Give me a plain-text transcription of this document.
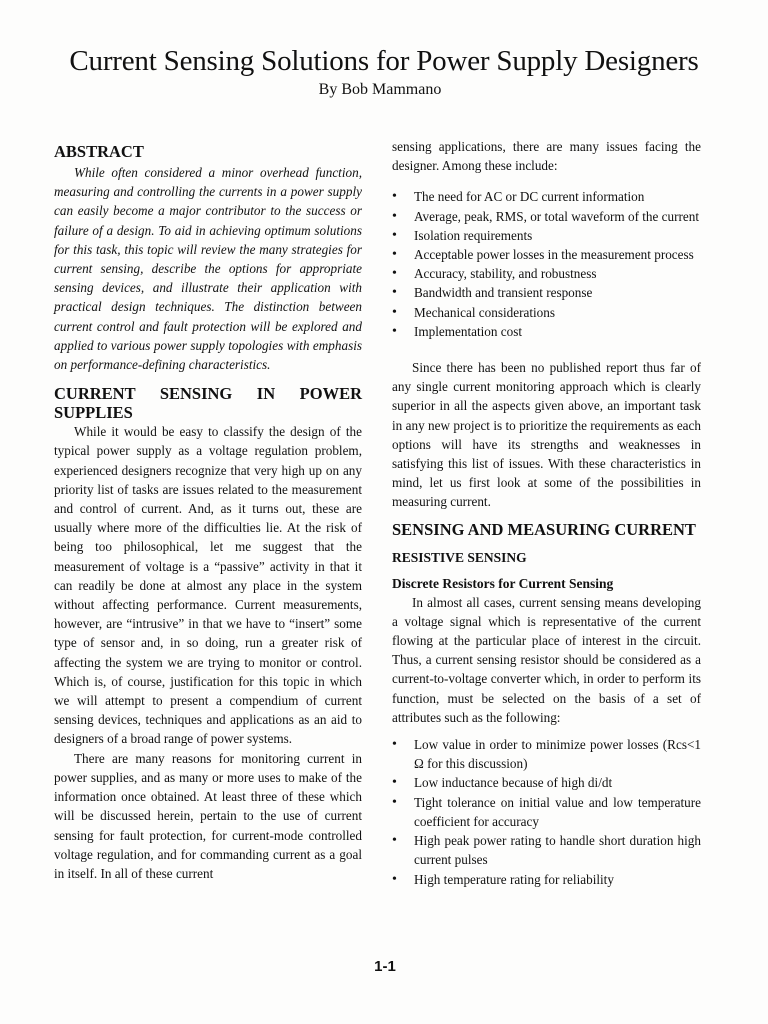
Current Sensing Solutions for Power Supply Designers
By Bob Mammano
ABSTRACT

While often considered a minor overhead function, measuring and controlling the currents in a power supply can easily become a major contributor to the success or failure of a design. To aid in achieving optimum solutions for this task, this topic will review the many strategies for current sensing, describe the options for appropriate sensing devices, and illustrate their application with practical design techniques. The distinction between current control and fault protection will be explored and applied to various power supply topologies with emphasis on performance-defining characteristics.

CURRENT SENSING IN POWER
SUPPLIES

While it would be easy to classify the design of the typical power supply as a voltage regulation problem, experienced designers recognize that very high up on any priority list of tasks are issues related to the measurement and control of current. And, as it turns out, these are usually where more of the difficulties lie. At the risk of being too philosophical, let me suggest that the measurement of voltage is a “passive” activity in that it can readily be done at almost any place in the system without affecting performance. Current measurements, however, are “intrusive” in that we have to “insert” some type of sensor and, in so doing, run a greater risk of affecting the system we are trying to monitor or control. Which is, of course, justification for this topic in which we will attempt to present a compendium of current sensing devices, techniques and applications as an aid to designers of a broad range of power systems.

There are many reasons for monitoring current in power supplies, and as many or more uses to make of the information once obtained. At least three of these which will be discussed herein, pertain to the use of current sensing for fault protection, for current-mode controlled voltage regulation, and for commanding current as a goal in itself. In all of these current

sensing applications, there are many issues facing the designer. Among these include:

• The need for AC or DC current information
• Average, peak, RMS, or total waveform of the current
• Isolation requirements
• Acceptable power losses in the measurement process
• Accuracy, stability, and robustness
• Bandwidth and transient response
• Mechanical considerations
• Implementation cost

Since there has been no published report thus far of any single current monitoring approach which is clearly superior in all the aspects given above, an important task in any new project is to prioritize the requirements as each options will have its strengths and weaknesses in satisfying this list of issues. With these characteristics in mind, let us first look at some of the possibilities in measuring current.

SENSING AND MEASURING CURRENT
RESISTIVE SENSING
Discrete Resistors for Current Sensing

In almost all cases, current sensing means developing a voltage signal which is representative of the current flowing at the particular place of interest in the circuit. Thus, a current sensing resistor should be considered as a current-to-voltage converter which, in order to perform its function, must be selected on the basis of a set of attributes such as the following:

• Low value in order to minimize power losses (Rcs<1 Ω for this discussion)
• Low inductance because of high di/dt
• Tight tolerance on initial value and low temperature coefficient for accuracy
• High peak power rating to handle short duration high current pulses
• High temperature rating for reliability
1-1
